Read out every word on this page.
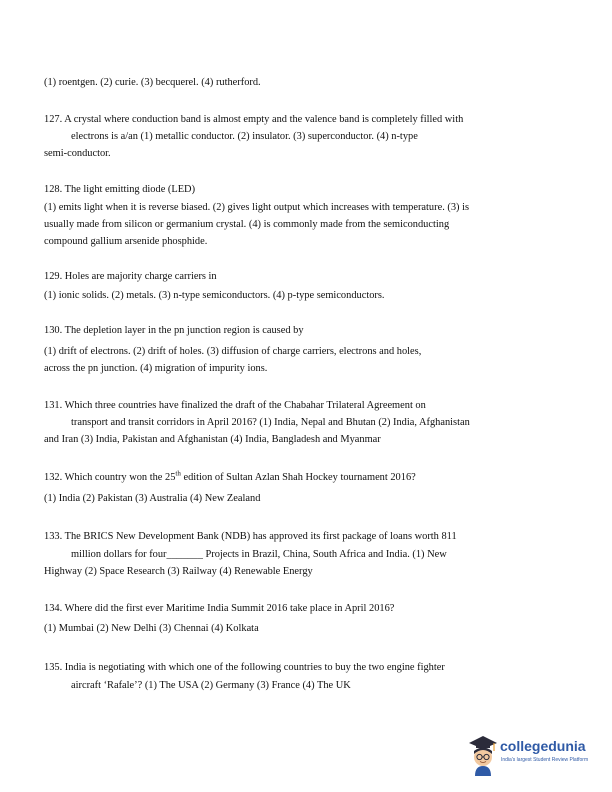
(1) roentgen. (2) curie. (3) becquerel. (4) rutherford.
127. A crystal where conduction band is almost empty and the valence band is completely filled with
electrons is a/an (1) metallic conductor. (2) insulator. (3) superconductor. (4) n-type
semi-conductor.
128. The light emitting diode (LED)
(1) emits light when it is reverse biased. (2) gives light output which increases with temperature. (3) is
usually made from silicon or germanium crystal. (4) is commonly made from the semiconducting
compound gallium arsenide phosphide.
129. Holes are majority charge carriers in
(1) ionic solids. (2) metals. (3) n-type semiconductors. (4) p-type semiconductors.
130. The depletion layer in the pn junction region is caused by
(1) drift of electrons. (2) drift of holes. (3) diffusion of charge carriers, electrons and holes,
across the pn junction. (4) migration of impurity ions.
131. Which three countries have finalized the draft of the Chabahar Trilateral Agreement on
transport and transit corridors in April 2016? (1) India, Nepal and Bhutan (2) India, Afghanistan
and Iran (3) India, Pakistan and Afghanistan (4) India, Bangladesh and Myanmar
132. Which country won the 25th edition of Sultan Azlan Shah Hockey tournament 2016?
(1) India (2) Pakistan (3) Australia (4) New Zealand
133. The BRICS New Development Bank (NDB) has approved its first package of loans worth 811
million dollars for four_______ Projects in Brazil, China, South Africa and India. (1) New
Highway (2) Space Research (3) Railway (4) Renewable Energy
134. Where did the first ever Maritime India Summit 2016 take place in April 2016?
(1) Mumbai (2) New Delhi (3) Chennai (4) Kolkata
135. India is negotiating with which one of the following countries to buy the two engine fighter
aircraft ‘Rafale’? (1) The USA (2) Germany (3) France (4) The UK
collegedunia
India's largest Student Review Platform
